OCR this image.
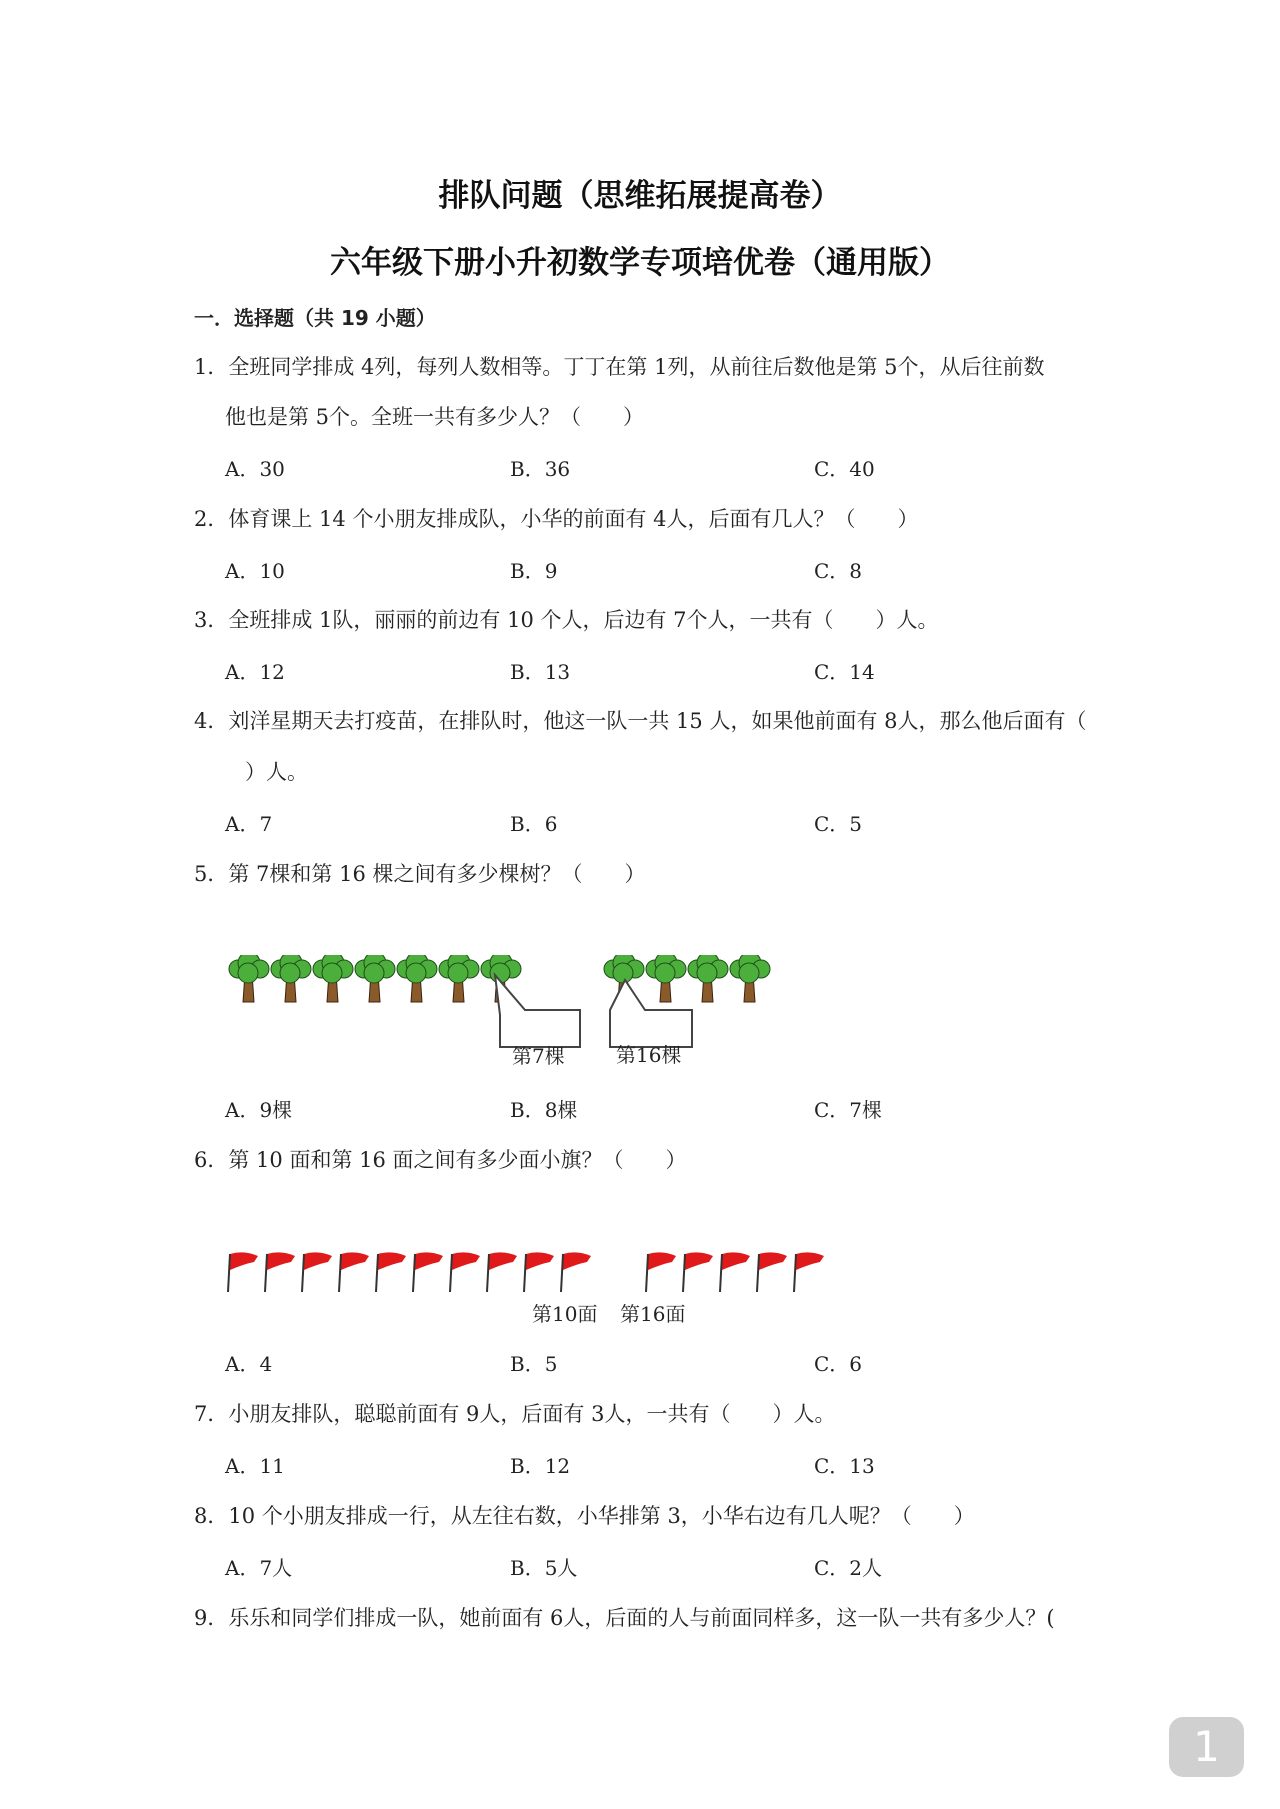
排队问题（思维拓展提高卷）
六年级下册小升初数学专项培优卷（通用版）
一．选择题（共 19 小题）
1．全班同学排成 4列，每列人数相等。丁丁在第 1列，从前往后数他是第 5个，从后往前数
他也是第 5个。全班一共有多少人？（　　）
A．30	B．36	C．40
2．体育课上 14 个小朋友排成队，小华的前面有 4人，后面有几人？（　　）
A．10	B．9	C．8
3．全班排成 1队，丽丽的前边有 10 个人，后边有 7个人，一共有（　　）人。
A．12	B．13	C．14
4．刘洋星期天去打疫苗，在排队时，他这一队一共 15 人，如果他前面有 8人，那么他后面有（
）人。
A．7	B．6	C．5
5．第 7棵和第 16 棵之间有多少棵树？（　　）
第7棵	第16棵
A．9棵	B．8棵	C．7棵
6．第 10 面和第 16 面之间有多少面小旗？（　　）
第10面 第16面
A．4	B．5	C．6
7．小朋友排队，聪聪前面有 9人，后面有 3人，一共有（　　）人。
A．11	B．12	C．13
8．10 个小朋友排成一行，从左往右数，小华排第 3，小华右边有几人呢？（　　）
A．7人	B．5人	C．2人
9．乐乐和同学们排成一队，她前面有 6人，后面的人与前面同样多，这一队一共有多少人？(
1
